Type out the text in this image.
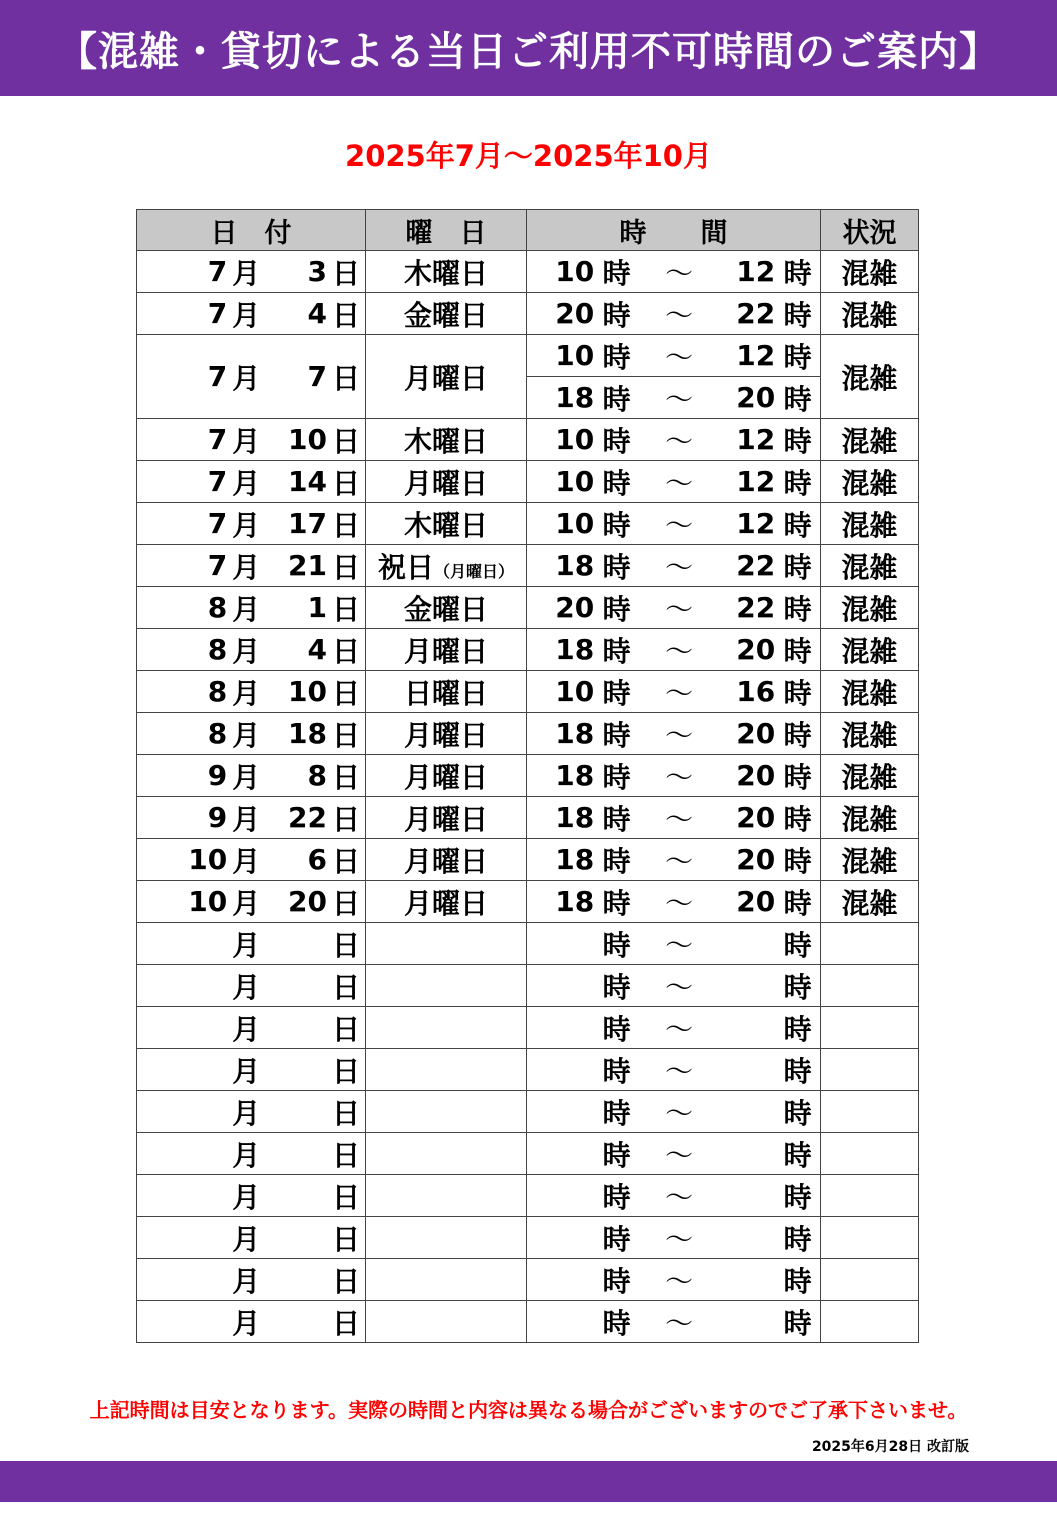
【混雑・貸切による当日ご利用不可時間のご案内】
2025年7月～2025年10月
日　付	曜　日	時　　間	状況

7 月 3 日	木曜日	10 時 ～ 12 時	混雑

7 月 4 日	金曜日	20 時 ～ 22 時	混雑

7 月 7 日	月曜日	10 時 ～ 12 時	混雑

		18 時 ～ 20 時	

7 月 10 日	木曜日	10 時 ～ 12 時	混雑

7 月 14 日	月曜日	10 時 ～ 12 時	混雑

7 月 17 日	木曜日	10 時 ～ 12 時	混雑

7 月 21 日	祝日（月曜日）	18 時 ～ 22 時	混雑

8 月 1 日	金曜日	20 時 ～ 22 時	混雑

8 月 4 日	月曜日	18 時 ～ 20 時	混雑

8 月 10 日	日曜日	10 時 ～ 16 時	混雑

8 月 18 日	月曜日	18 時 ～ 20 時	混雑

9 月 8 日	月曜日	18 時 ～ 20 時	混雑

9 月 22 日	月曜日	18 時 ～ 20 時	混雑

10 月 6 日	月曜日	18 時 ～ 20 時	混雑

10 月 20 日	月曜日	18 時 ～ 20 時	混雑

月 日		時 ～ 時	

月 日		時 ～ 時	

月 日		時 ～ 時	

月 日		時 ～ 時	

月 日		時 ～ 時	

月 日		時 ～ 時	

月 日		時 ～ 時	

月 日		時 ～ 時	

月 日		時 ～ 時	

月 日		時 ～ 時	

上記時間は目安となります。実際の時間と内容は異なる場合がございますのでご了承下さいませ。
2025年6月28日 改訂版
